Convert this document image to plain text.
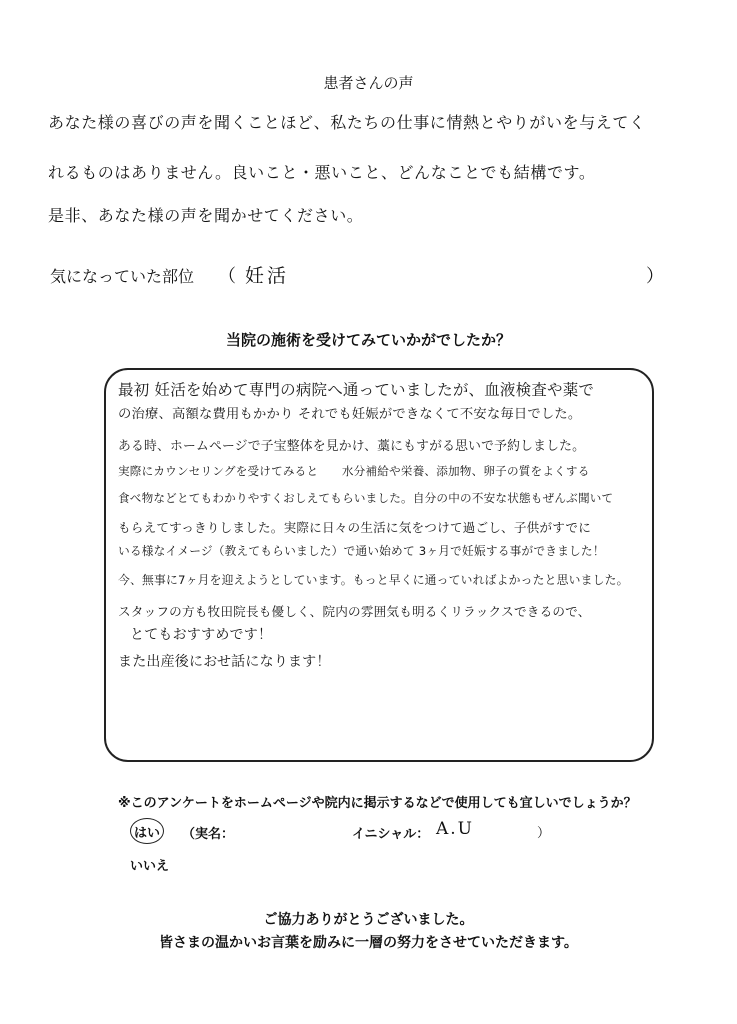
患者さんの声
あなた様の喜びの声を聞くことほど、私たちの仕事に情熱とやりがいを与えてく
れるものはありません。良いこと・悪いこと、どんなことでも結構です。
是非、あなた様の声を聞かせてください。
気になっていた部位 （ 妊活	）
当院の施術を受けてみていかがでしたか？
最初 妊活を始めて専門の病院へ通っていましたが、血液検査や薬で
の治療、高額な費用もかかり それでも妊娠ができなくて不安な毎日でした。
ある時、ホームページで子宝整体を見かけ、藁にもすがる思いで予約しました。
実際にカウンセリングを受けてみると　　水分補給や栄養、添加物、卵子の質をよくする
食べ物などとてもわかりやすくおしえてもらいました。自分の中の不安な状態もぜんぶ聞いて
もらえてすっきりしました。実際に日々の生活に気をつけて過ごし、子供がすでに
いる様なイメージ（教えてもらいました）で通い始めて 3ヶ月で妊娠する事ができました！
今、無事に7ヶ月を迎えようとしています。もっと早くに通っていればよかったと思いました。
スタッフの方も牧田院長も優しく、院内の雰囲気も明るくリラックスできるので、
とてもおすすめです！
また出産後におせ話になります！
※このアンケートをホームページや院内に掲示するなどで使用しても宜しいでしょうか？
はい （実名：	イニシャル： A.U	）
いいえ
ご協力ありがとうございました。
皆さまの温かいお言葉を励みに一層の努力をさせていただきます。
